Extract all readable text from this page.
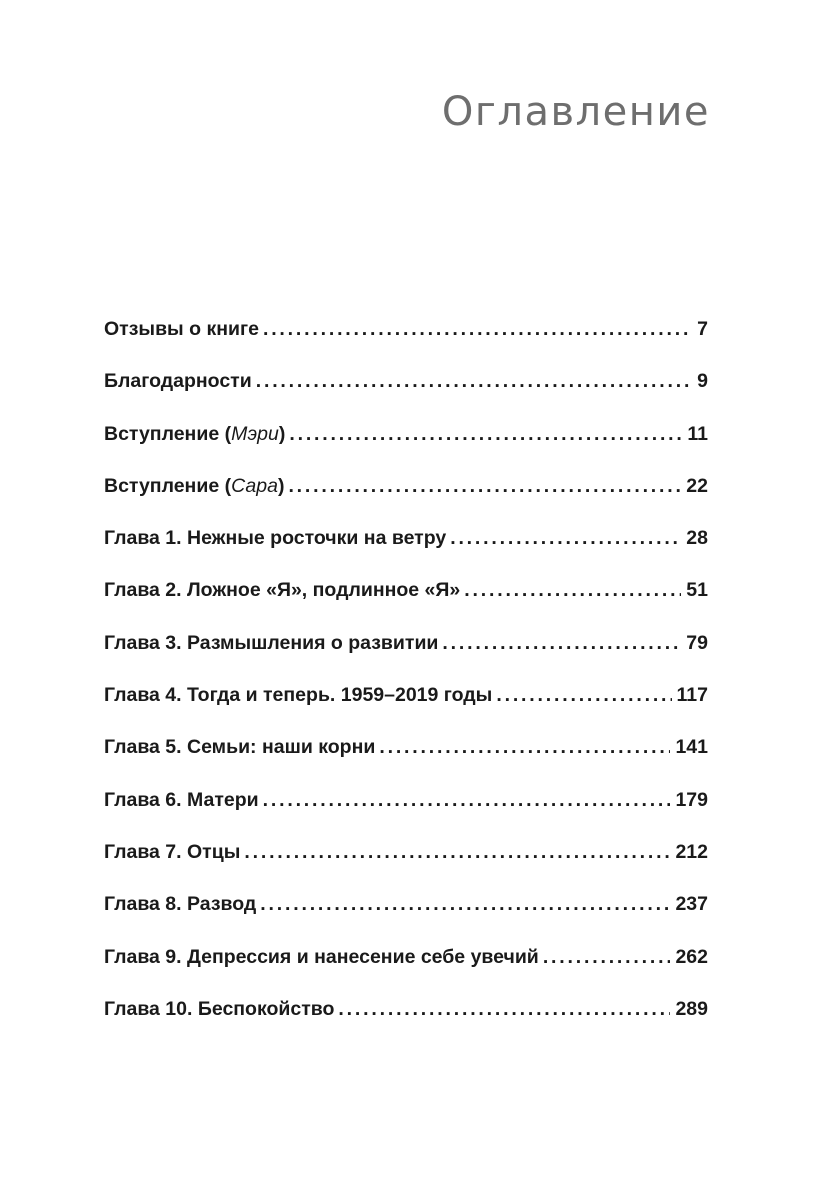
Оглавление
Отзывы о книге . . .	7
Благодарности . . .	9
Вступление (Мэри) . . .	11
Вступление (Сара) . . .	22
Глава 1. Нежные росточки на ветру . . .	28
Глава 2. Ложное «Я», подлинное «Я» . . .	51
Глава 3. Размышления о развитии . . .	79
Глава 4. Тогда и теперь. 1959–2019 годы . . .	117
Глава 5. Семьи: наши корни . . .	141
Глава 6. Матери . . .	179
Глава 7. Отцы . . .	212
Глава 8. Развод . . .	237
Глава 9. Депрессия и нанесение себе увечий . . .	262
Глава 10. Беспокойство . . .	289
